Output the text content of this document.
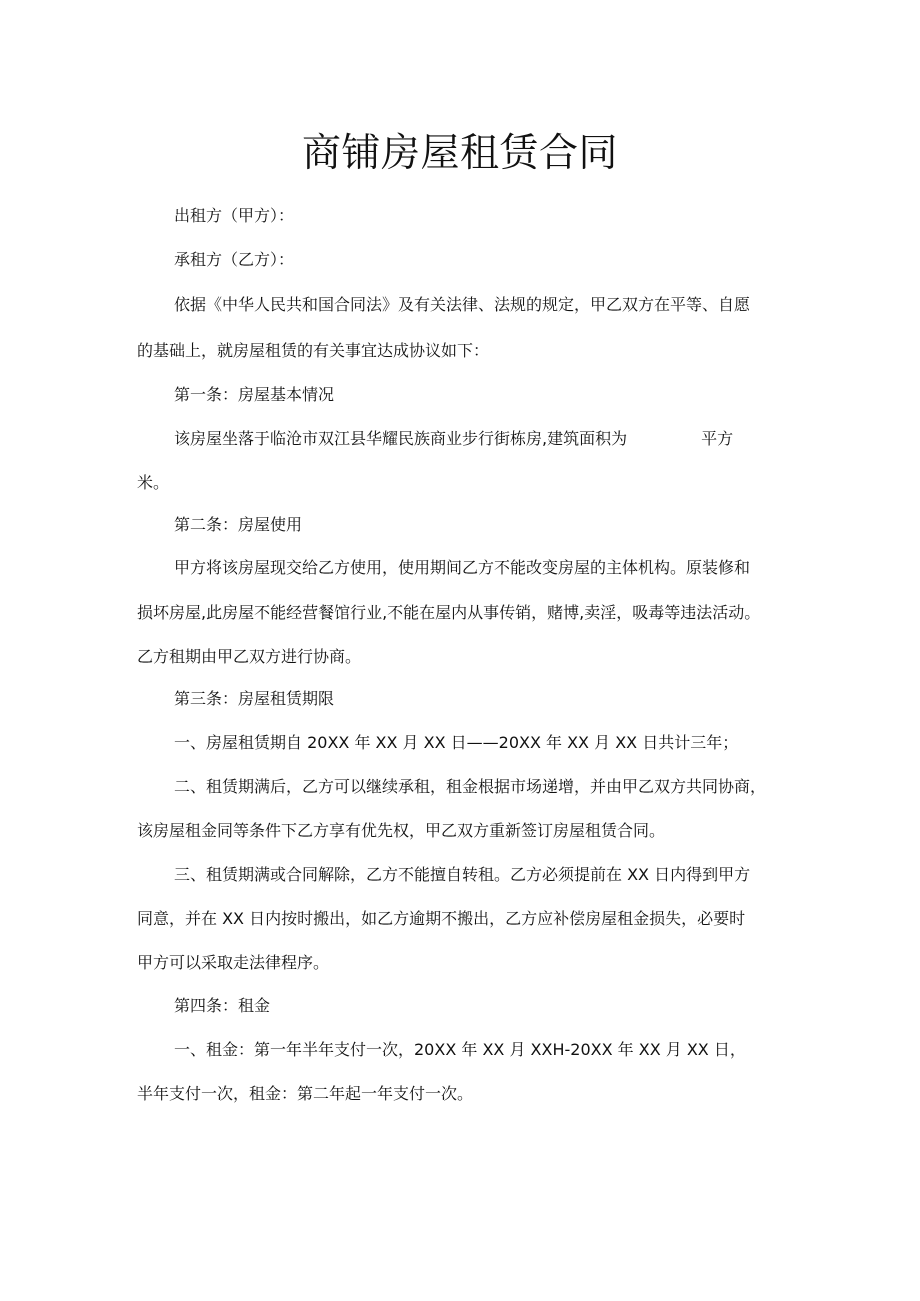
商铺房屋租赁合同
出租方（甲方）：
承租方（乙方）：
依据《中华人民共和国合同法》及有关法律、法规的规定，甲乙双方在平等、自愿
的基础上，就房屋租赁的有关事宜达成协议如下：
第一条：房屋基本情况
该房屋坐落于临沧市双江县华耀民族商业步行街栋房,建筑面积为	平方
米。
第二条：房屋使用
甲方将该房屋现交给乙方使用，使用期间乙方不能改变房屋的主体机构。原装修和
损坏房屋,此房屋不能经营餐馆行业,不能在屋内从事传销，赌博,卖淫，吸毒等违法活动。
乙方租期由甲乙双方进行协商。
第三条：房屋租赁期限
一、房屋租赁期自 20XX 年 XX 月 XX 日——20XX 年 XX 月 XX 日共计三年；
二、租赁期满后，乙方可以继续承租，租金根据市场递增，并由甲乙双方共同协商，
该房屋租金同等条件下乙方享有优先权，甲乙双方重新签订房屋租赁合同。
三、租赁期满或合同解除，乙方不能擅自转租。乙方必须提前在 XX 日内得到甲方
同意，并在 XX 日内按时搬出，如乙方逾期不搬出，乙方应补偿房屋租金损失，必要时
甲方可以采取走法律程序。
第四条：租金
一、租金：第一年半年支付一次，20XX 年 XX 月 XXH-20XX 年 XX 月 XX 日，
半年支付一次，租金：第二年起一年支付一次。
